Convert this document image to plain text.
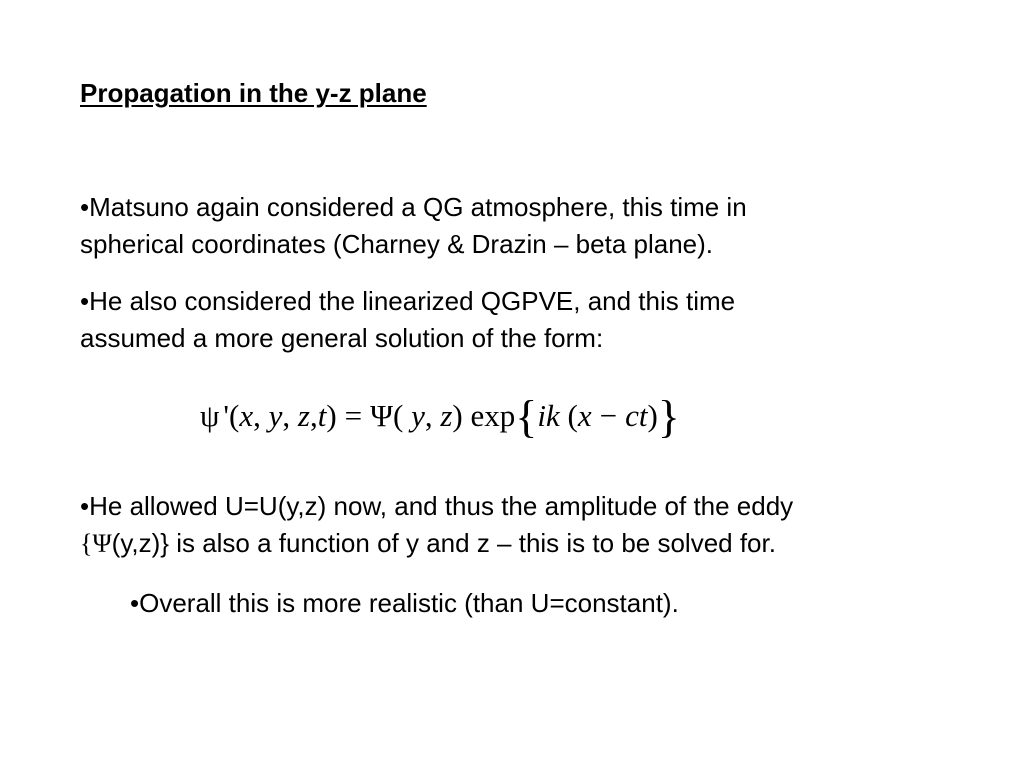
Propagation in the y-z plane
•Matsuno again considered a QG atmosphere, this time in
spherical coordinates (Charney & Drazin – beta plane).
•He also considered the linearized QGPVE, and this time
assumed a more general solution of the form:
ψ '(x, y, z,t) = Ψ( y, z) exp{ik (x − ct)}
•He allowed U=U(y,z) now, and thus the amplitude of the eddy
{Ψ(y,z)} is also a function of y and z – this is to be solved for.
•Overall this is more realistic (than U=constant).
